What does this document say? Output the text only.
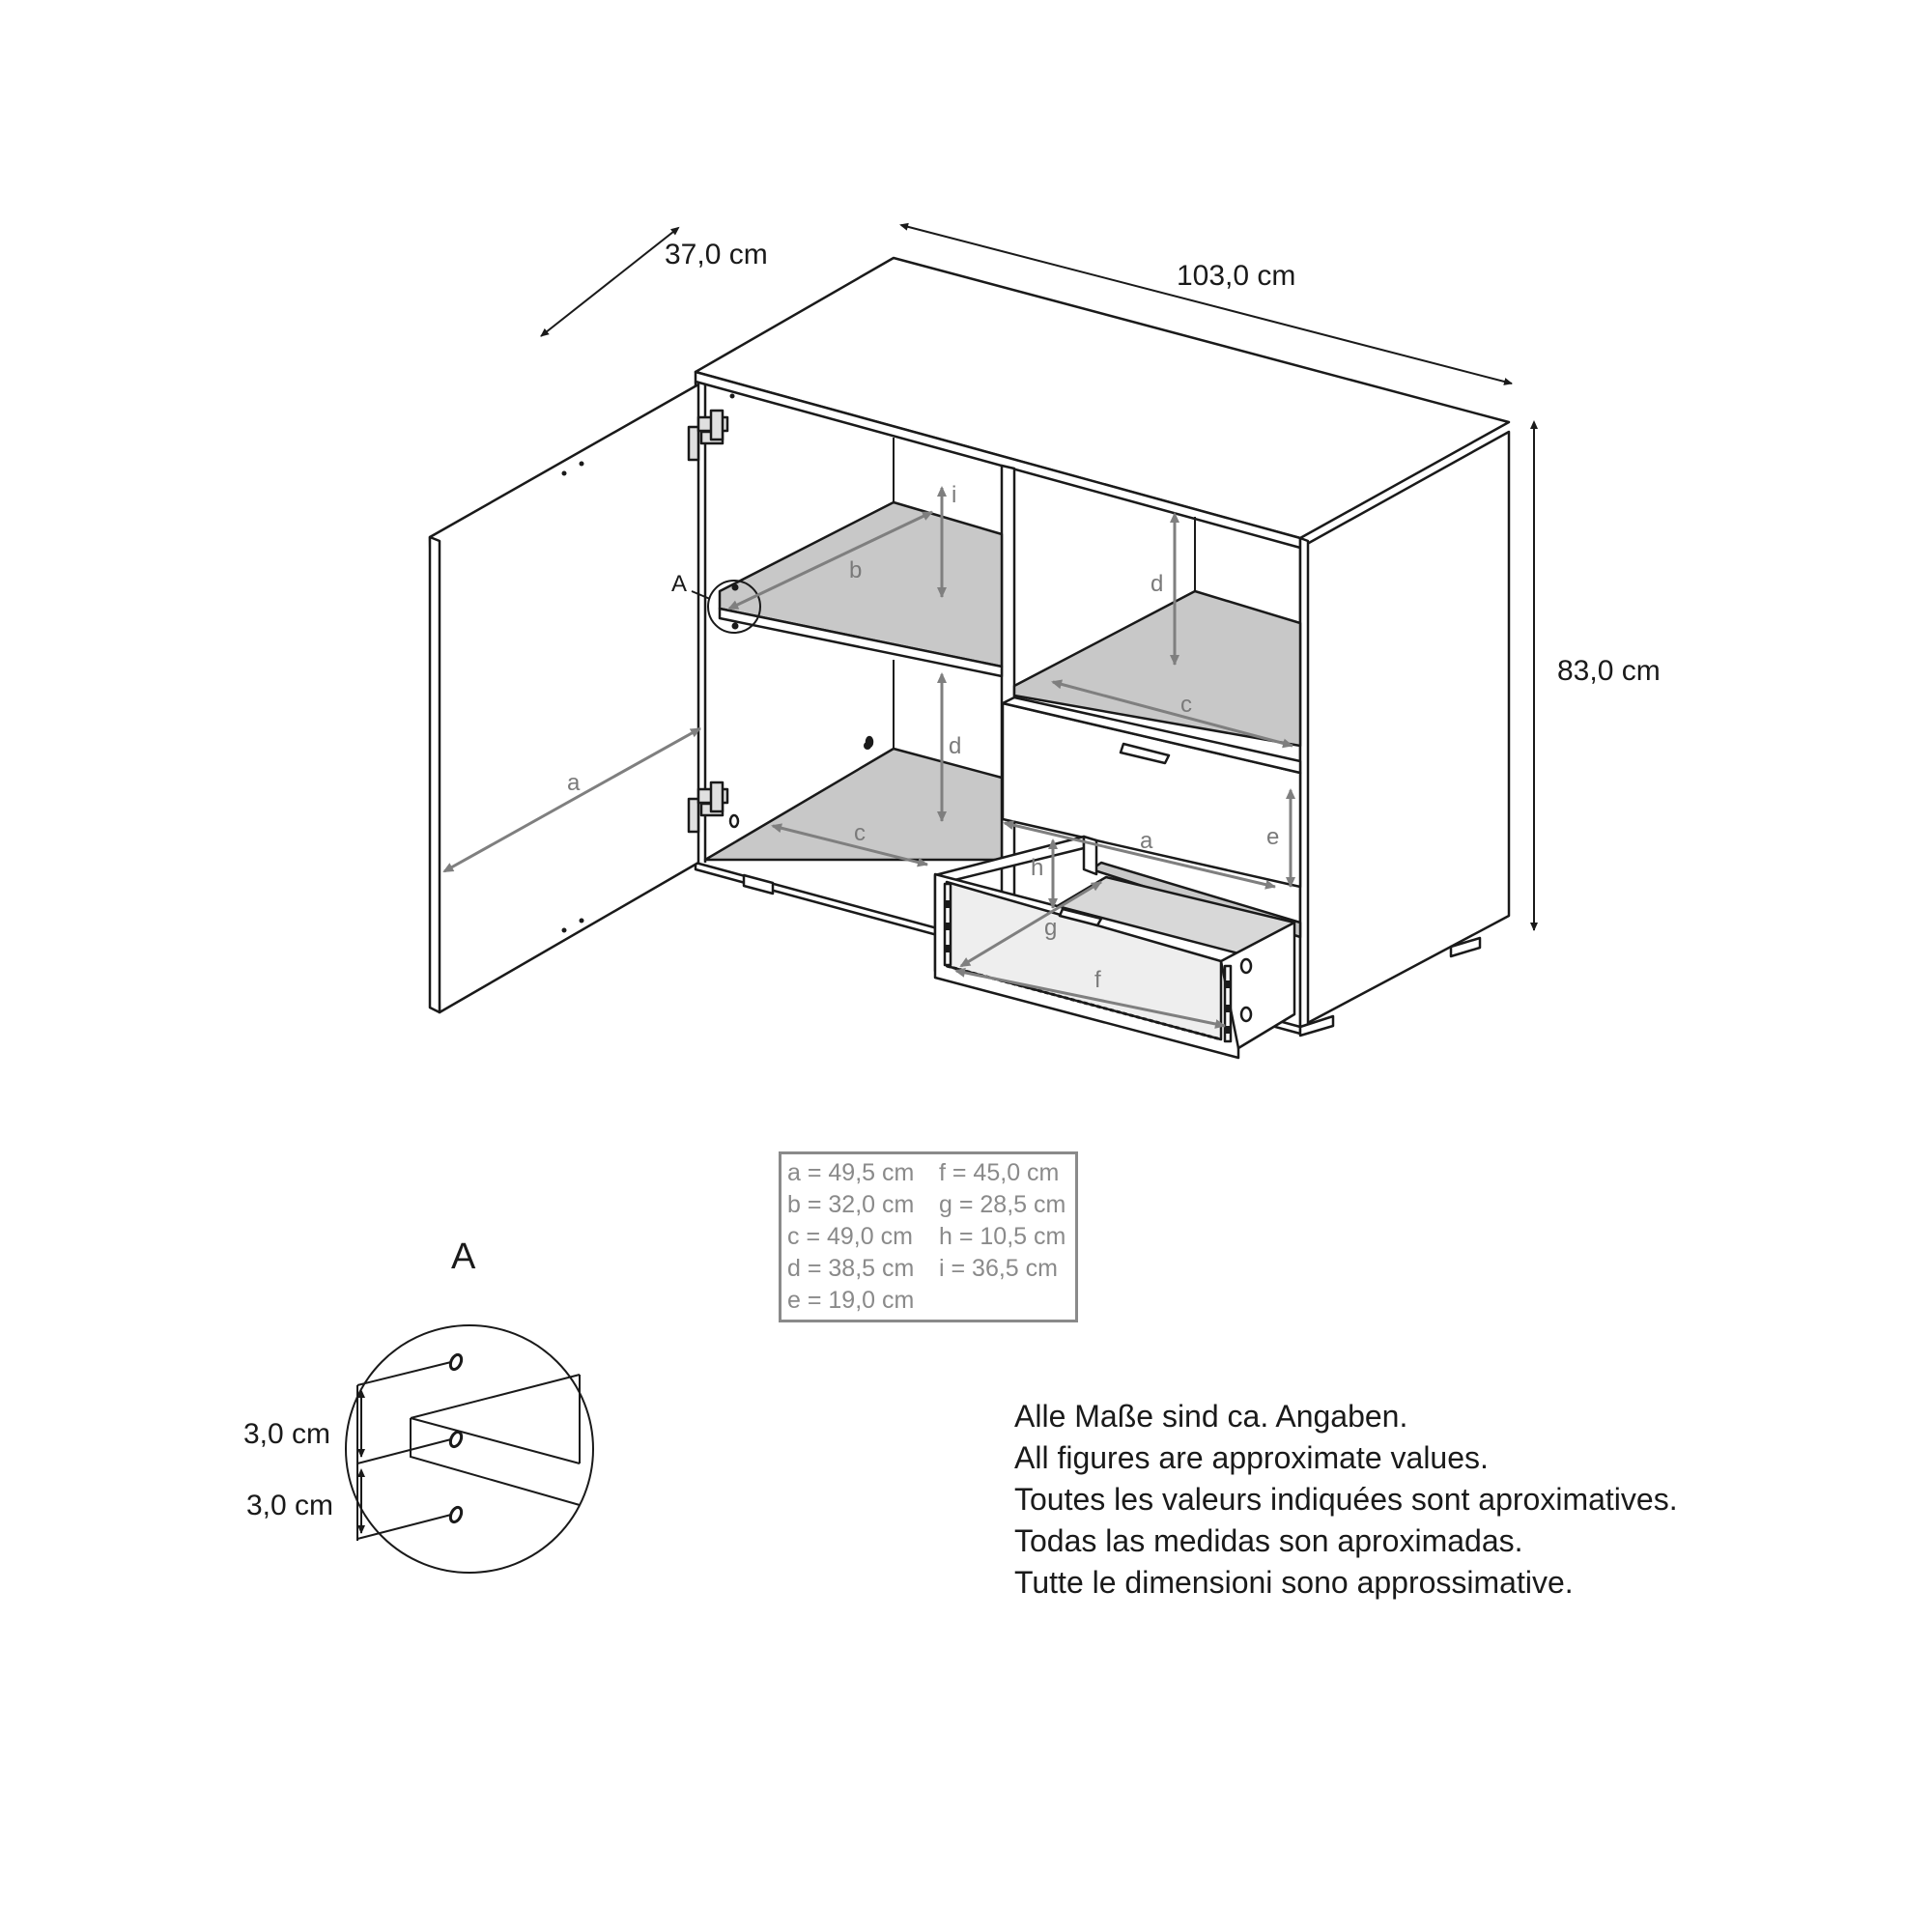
37,0 cm
103,0 cm
83,0 cm
A
a
b
i
d
c
d
c
a	e
h
g
f
A
3,0 cm
3,0 cm
a = 49,5 cm	f = 45,0 cm
b = 32,0 cm	g = 28,5 cm
c = 49,0 cm	h = 10,5 cm
d = 38,5 cm	i = 36,5 cm
e = 19,0 cm
Alle Maße sind ca. Angaben.
All figures are approximate values.
Toutes les valeurs indiquées sont aproximatives.
Todas las medidas son aproximadas.
Tutte le dimensioni sono approssimative.
